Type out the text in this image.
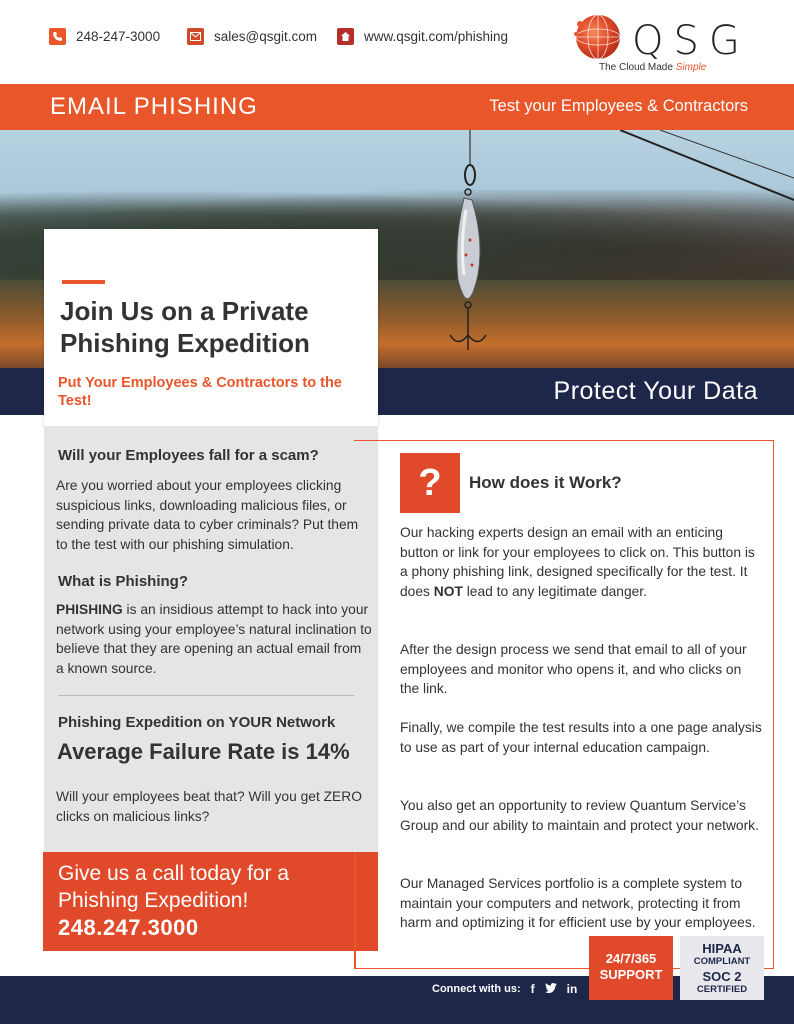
248-247-3000	sales@qsgit.com	www.qsgit.com/phishing	QSG
The Cloud Made Simple
EMAIL PHISHING	Test your Employees & Contractors
Protect Your Data
Join Us on a Private Phishing Expedition
Put Your Employees & Contractors to the Test!
Will your Employees fall for a scam?

Are you worried about your employees clicking suspicious links, downloading malicious files, or sending private data to cyber criminals? Put them to the test with our phishing simulation.

What is Phishing?

PHISHING is an insidious attempt to hack into your network using your employee’s natural inclination to believe that they are opening an actual email from a known source.

Phishing Expedition on YOUR Network
Average Failure Rate is 14%

Will your employees beat that? Will you get ZERO clicks on malicious links?

Give us a call today for a Phishing Expedition!
248.247.3000
?	How does it Work?

Our hacking experts design an email with an enticing button or link for your employees to click on. This button is a phony phishing link, designed specifically for the test. It does NOT lead to any legitimate danger.

After the design process we send that email to all of your employees and monitor who opens it, and who clicks on the link.

Finally, we compile the test results into a one page analysis to use as part of your internal education campaign.

You also get an opportunity to review Quantum Service’s Group and our ability to maintain and protect your network.

Our Managed Services portfolio is a complete system to maintain your computers and network, protecting it from harm and optimizing it for efficient use by your employees.

Connect with us: f	in
24/7/365
SUPPORT
HIPAA
COMPLIANT
SOC 2
CERTIFIED
